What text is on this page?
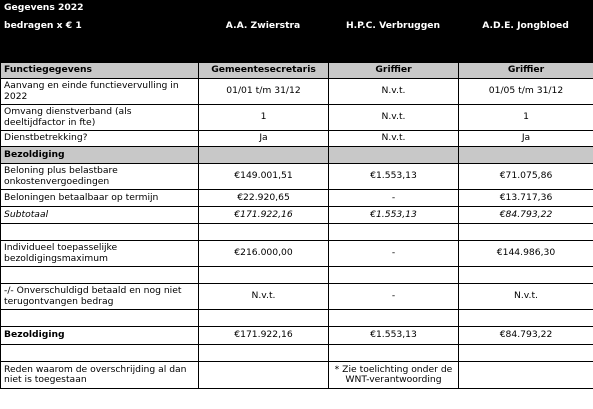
Gegevens 2022
bedragen x € 1	A.A. Zwierstra	H.P.C. Verbruggen	A.D.E. Jongbloed
Functiegegevens	Gemeentesecretaris	Griffier	Griffier
Aanvang en einde functievervulling in 2022	01/01 t/m 31/12	N.v.t.	01/05 t/m 31/12
Omvang dienstverband (als deeltijdfactor in fte)	1	N.v.t.	1
Dienstbetrekking?	Ja	N.v.t.	Ja
Bezoldiging			
Beloning plus belastbare onkostenvergoedingen	€149.001,51	€1.553,13	€71.075,86
Beloningen betaalbaar op termijn	€22.920,65	-	€13.717,36
Subtotaal	€171.922,16	€1.553,13	€84.793,22

Individueel toepasselijke bezoldigingsmaximum	€216.000,00	-	€144.986,30

-/- Onverschuldigd betaald en nog niet terugontvangen bedrag	N.v.t.	-	N.v.t.

Bezoldiging	€171.922,16	€1.553,13	€84.793,22

Reden waarom de overschrijding al dan niet is toegestaan		* Zie toelichting onder de WNT-verantwoording	
